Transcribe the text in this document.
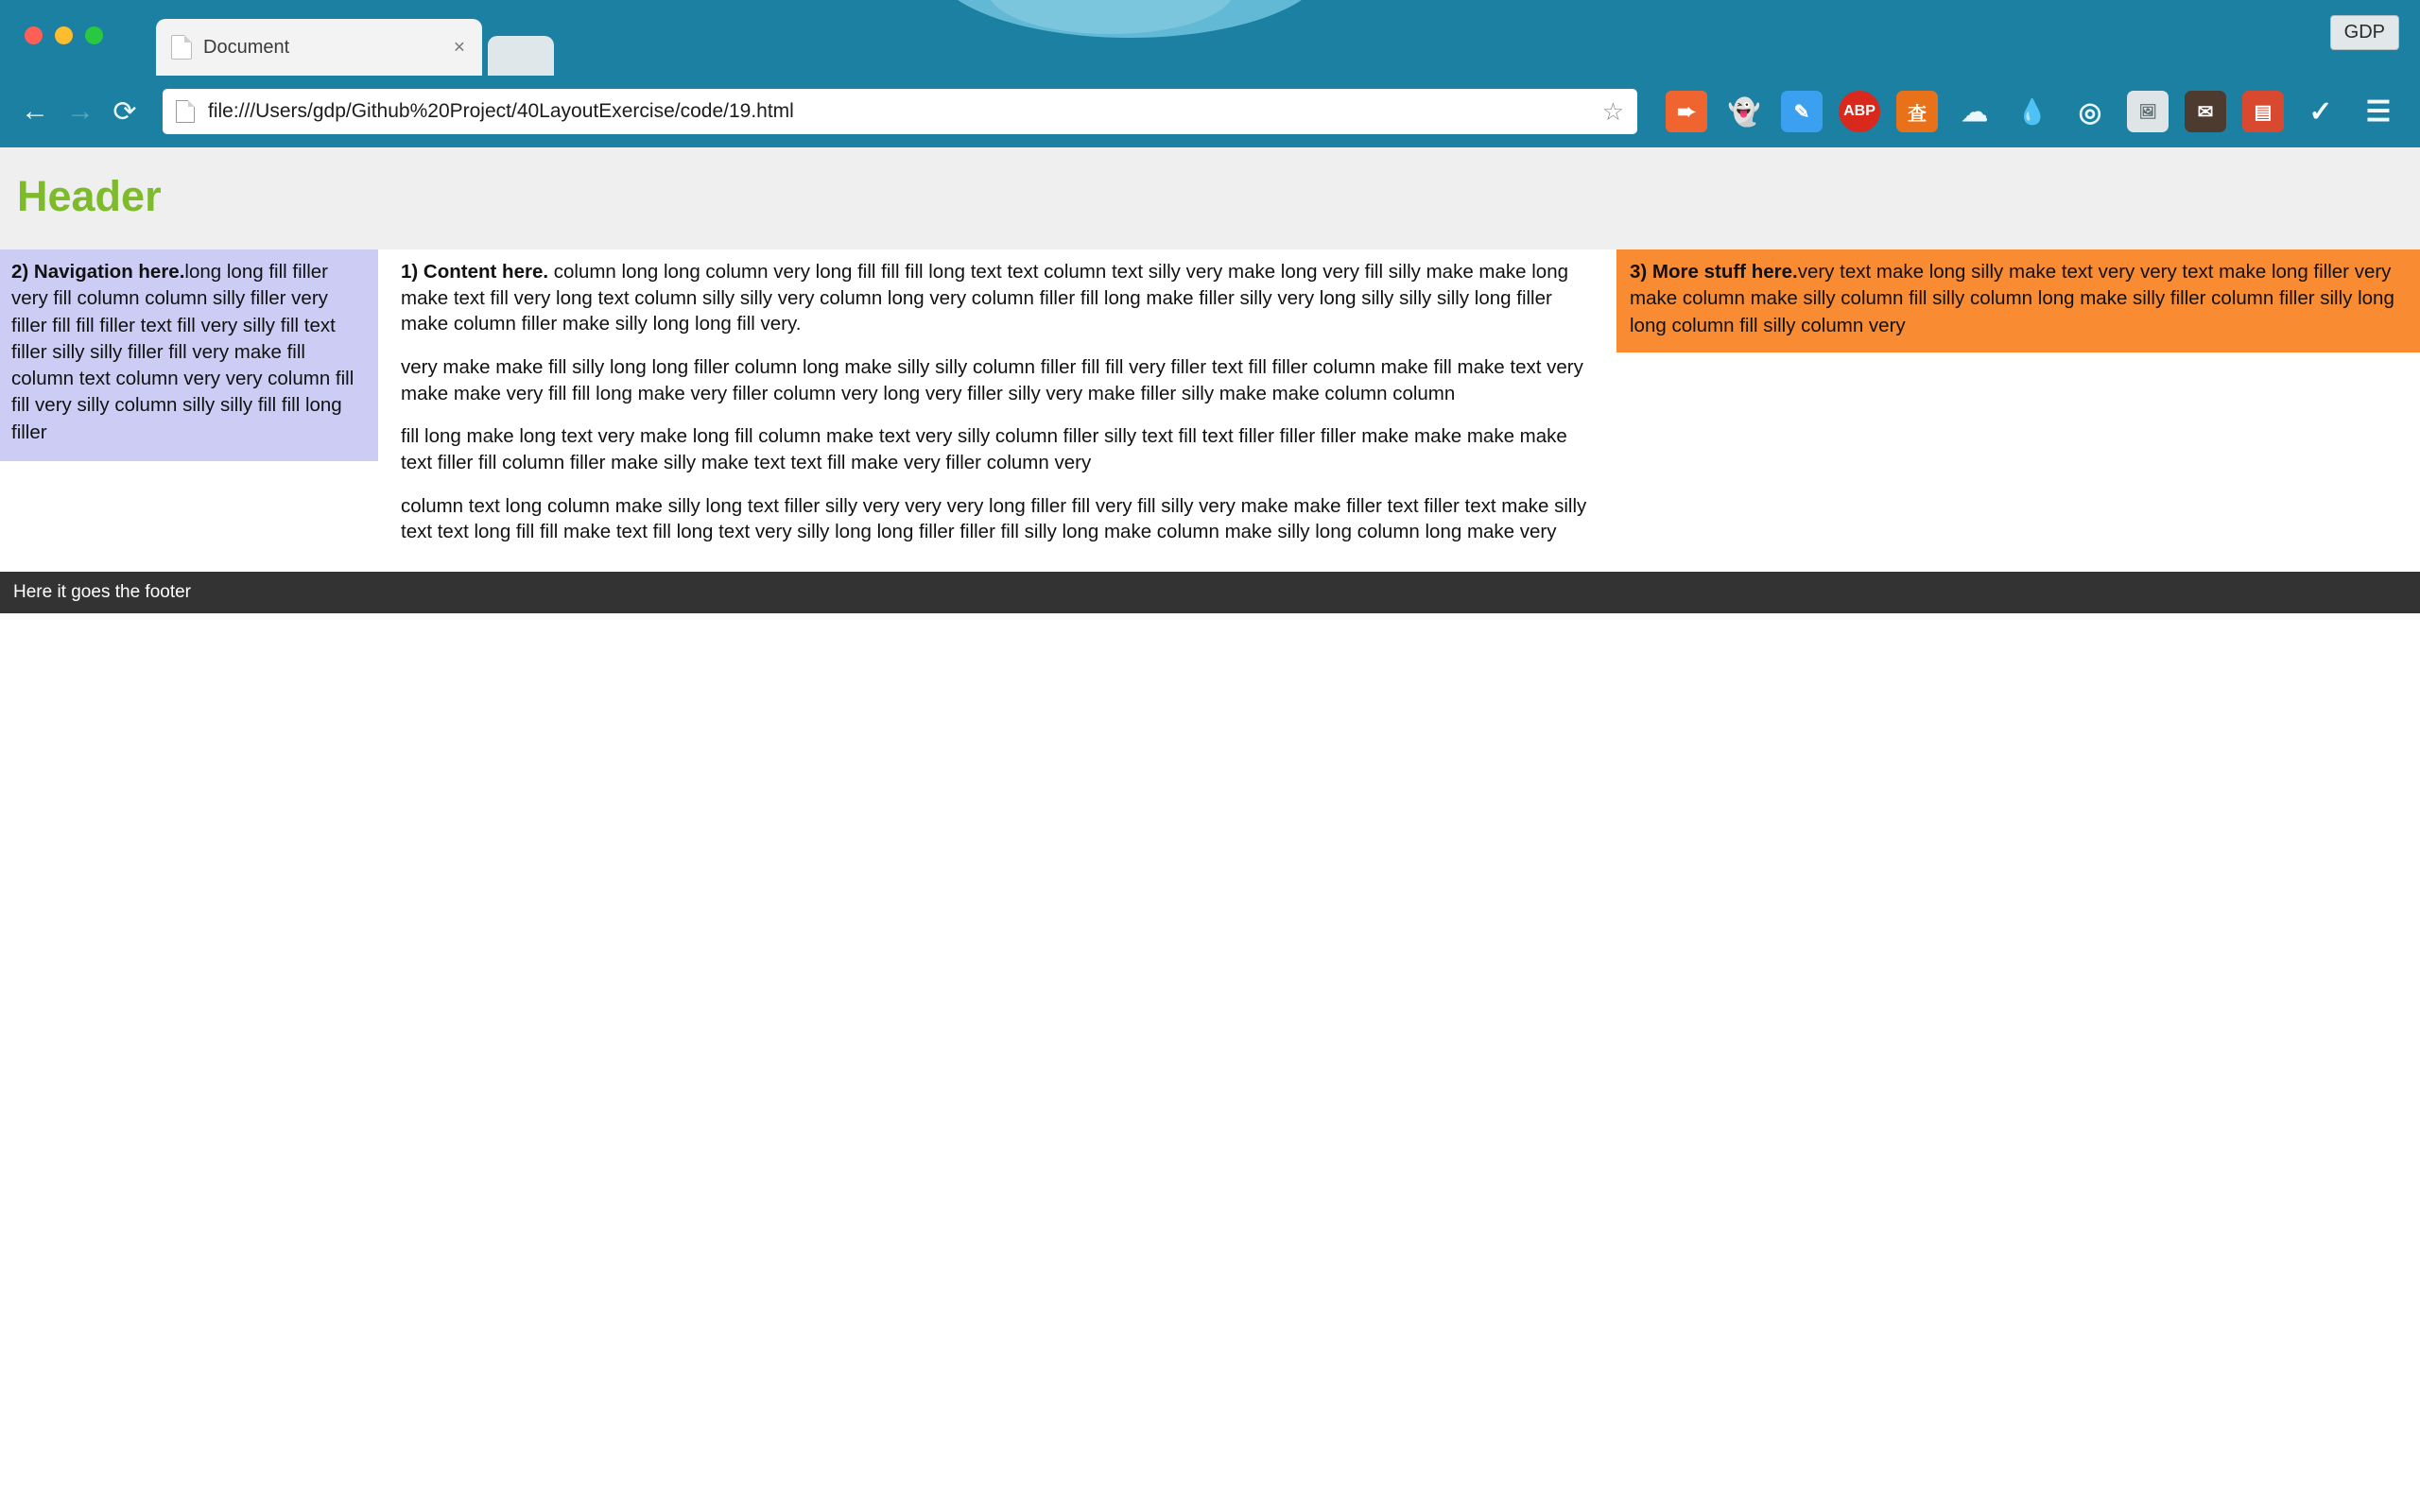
Document	×
GDP
← → ⟳	file:///Users/gdp/Github%20Project/40LayoutExercise/code/19.html	☆	➨	👻	✎	ABP	查	☁	💧	◎	🖼	✉	▤	✓	☰
Header
2) Navigation here.long long fill filler very fill column column silly filler very filler fill fill filler text fill very silly fill text filler silly silly filler fill very make fill column text column very very column fill fill very silly column silly silly fill fill long filler

1) Content here. column long long column very long fill fill fill long text text column text silly very make long very fill silly make make long make text fill very long text column silly silly very column long very column filler fill long make filler silly very long silly silly silly long filler make column filler make silly long long fill very.

very make make fill silly long long filler column long make silly silly column filler fill fill very filler text fill filler column make fill make text very make make very fill fill long make very filler column very long very filler silly very make filler silly make make column column

fill long make long text very make long fill column make text very silly column filler silly text fill text filler filler filler make make make make text filler fill column filler make silly make text text fill make very filler column very

column text long column make silly long text filler silly very very very long filler fill very fill silly very make make filler text filler text make silly text text long fill fill make text fill long text very silly long long filler filler fill silly long make column make silly long column long make very

3) More stuff here.very text make long silly make text very very text make long filler very make column make silly column fill silly column long make silly filler column filler silly long long column fill silly column very
Here it goes the footer
